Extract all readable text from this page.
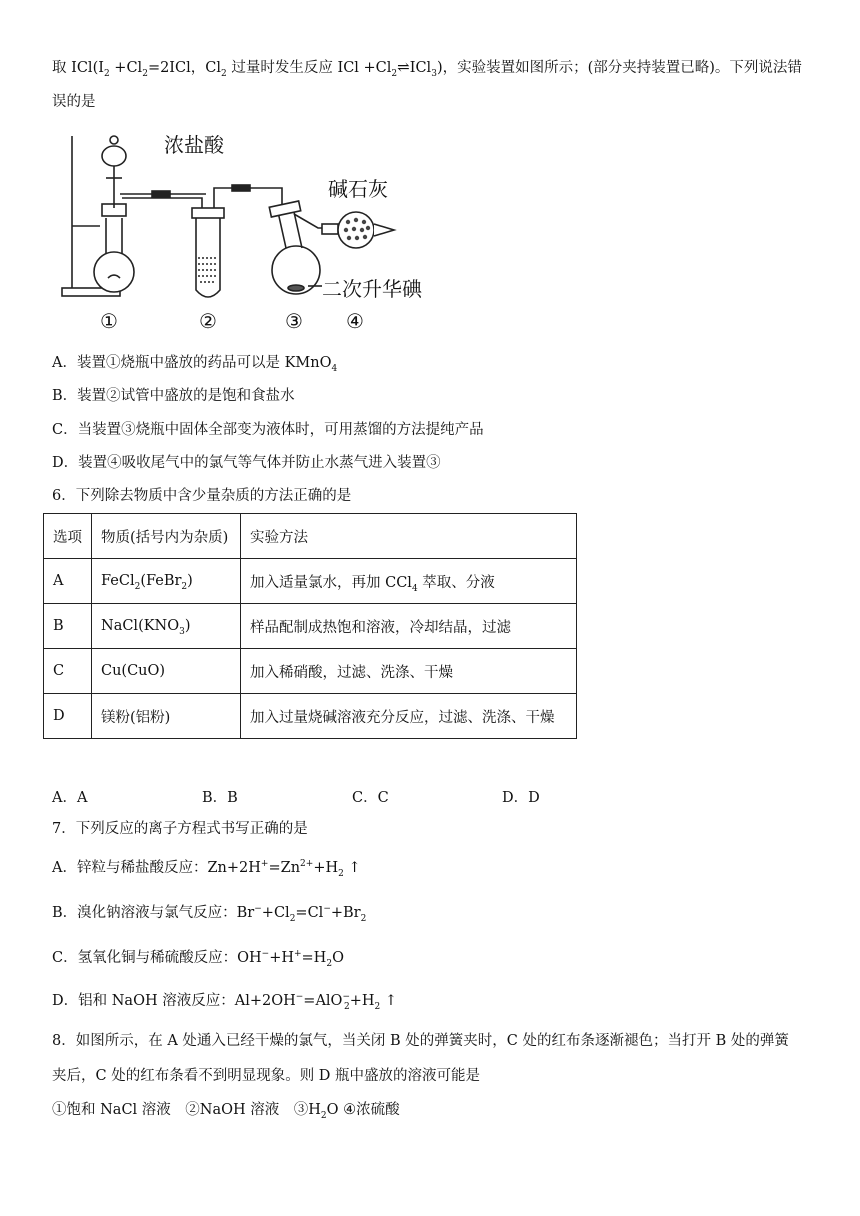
取 $ICl(I_2 +Cl_2=2ICl$，$Cl_2$ 过量时发生反应 ICl $+Cl_2\rightleftharpoons ICl_3$)，实验装置如图所示；(部分夹持装置已略)。下列说法错
误的是
浓盐酸
碱石灰
二次升华碘
①	②	③ ④
A．装置①烧瓶中盛放的药品可以是 KMnO$_4$
B．装置②试管中盛放的是饱和食盐水
C．当装置③烧瓶中固体全部变为液体时，可用蒸馏的方法提纯产品
D．装置④吸收尾气中的氯气等气体并防止水蒸气进入装置③
6．下列除去物质中含少量杂质的方法正确的是
选项	物质(括号内为杂质)	实验方法
A	FeCl$_2$(FeBr$_2$)	加入适量氯水，再加 CCl$_4$ 萃取、分液
B	$NaCl(KNO_3)$	样品配制成热饱和溶液，冷却结晶，过滤
C	Cu(CuO)	加入稀硝酸，过滤、洗涤、干燥
D	镁粉(铝粉)	加入过量烧碱溶液充分反应，过滤、洗涤、干燥
A．A	B．B	C．C	D．D
7．下列反应的离子方程式书写正确的是
A．锌粒与稀盐酸反应：$Zn+2H^+=Zn^{2+}+H_2$ ↑
B．溴化钠溶液与氯气反应：$Br^-+Cl_2=Cl^-+Br_2$
C．氢氧化铜与稀硫酸反应：$OH^-+H^+=H_2O$
D．铝和 NaOH 溶液反应：$Al+2OH^-=AlO^-_2+H_2$ ↑
8．如图所示，在 A 处通入已经干燥的氯气，当关闭 B 处的弹簧夹时，C 处的红布条逐渐褪色；当打开 B 处的弹簧
夹后，C 处的红布条看不到明显现象。则 D 瓶中盛放的溶液可能是
①饱和 NaCl 溶液　②NaOH 溶液　$③H_2O$ ④浓硫酸
